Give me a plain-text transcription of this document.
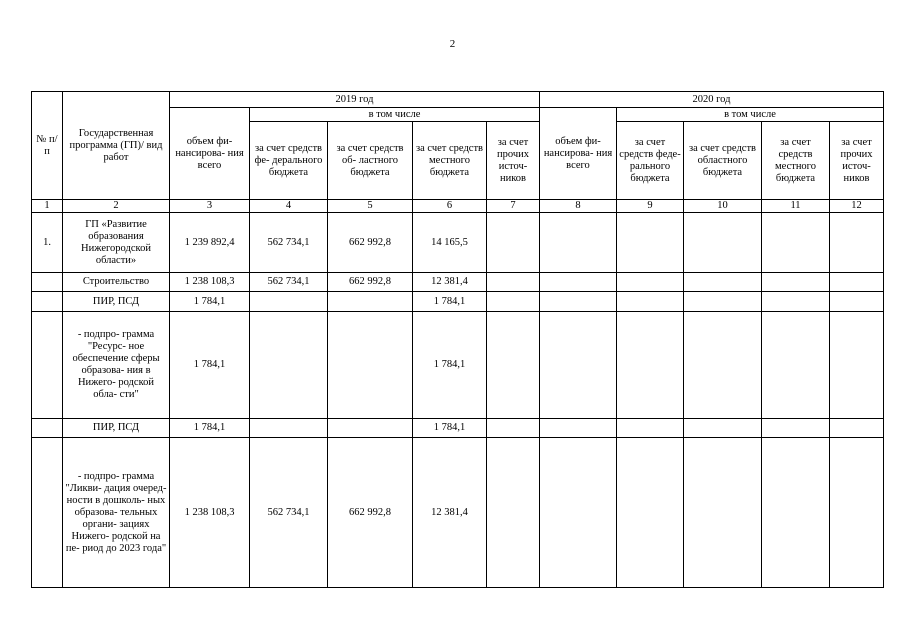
2
№ п/п	Государственная программа (ГП)/ вид работ	2019 год					2020 год				
		объем фи- нансирова- ния всего	в том числе				объем фи- нансирова- ния всего	в том числе			
			за счет средств фе- дерального бюджета	за счет средств об- ластного бюджета	за счет средств местного бюджета	за счет прочих источ- ников		за счет средств феде- рального бюджета	за счет средств областного бюджета	за счет средств местного бюджета	за счет прочих источ- ников
1	2	3	4	5	6	7	8	9	10	11	12
1.	ГП «Развитие образования Нижегородской области»	1 239 892,4	562 734,1	662 992,8	14 165,5						
	Строительство	1 238 108,3	562 734,1	662 992,8	12 381,4						
	ПИР, ПСД	1 784,1			1 784,1						
	- подпро- грамма "Ресурс- ное обеспечение сферы образова- ния в Нижего- родской обла- сти"	1 784,1			1 784,1						
	ПИР, ПСД	1 784,1			1 784,1						
	- подпро- грамма "Ликви- дация очеред- ности в дошколь- ных образова- тельных органи- зациях Нижего- родской на пе- риод до 2023 года"	1 238 108,3	562 734,1	662 992,8	12 381,4						
